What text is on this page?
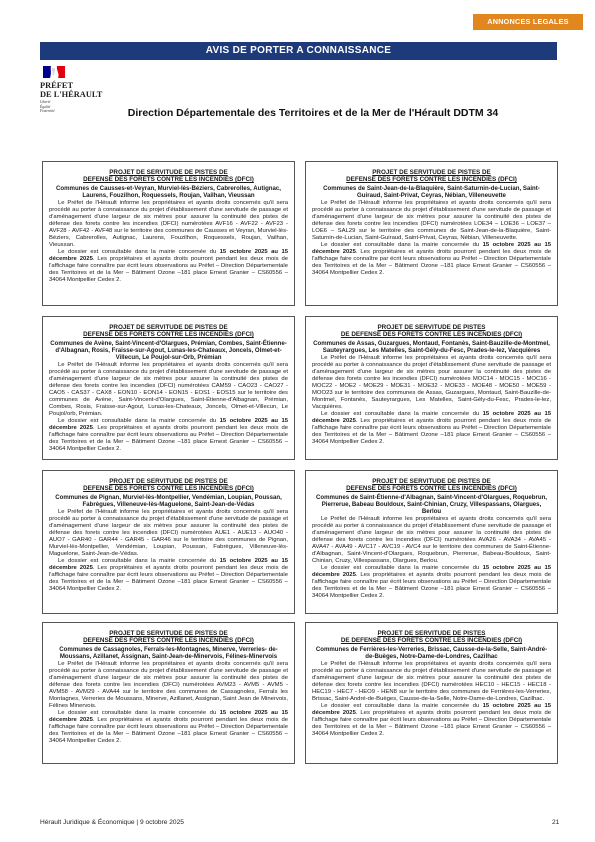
ANNONCES LEGALES
AVIS DE PORTER A CONNAISSANCE
PRÉFET
DE L'HÉRAULT
Liberté
Égalité
Fraternité	Direction Départementale des Territoires et de la Mer de l'Hérault DDTM 34
PROJET DE SERVITUDE DE PISTES DE
DEFENSE DES FORETS CONTRE LES INCENDIES (DFCI)
Communes de Causses-et-Veyran, Murviel-lès-Béziers, Cabrerolles, Autignac, Laurens, Fouzilhon, Roquessels, Roujan, Vailhan, Vieussan

Le Préfet de l'Hérault informe les propriétaires et ayants droits concernés qu'il sera procédé au porter à connaissance du projet d'établissement d'une servitude de passage et d'aménagement d'une largeur de six mètres pour assurer la continuité des pistes de défense des forets contre les incendies (DFCI) numérotées AVF16 - AVF22 - AVF23 - AVF28 - AVF42 - AVF48 sur le territoire des communes de Causses et Veyran, Murviel-lès-Béziers, Cabrerolles, Autignac, Laurens, Fouzilhon, Roquessels, Roujan, Vailhan, Vieussan.

Le dossier est consultable dans la mairie concernée du 15 octobre 2025 au 15 décembre 2025. Les propriétaires et ayants droits pourront pendant les deux mois de l'affichage faire connaître par écrit leurs observations au Préfet – Direction Départementale des Territoires et de la Mer – Bâtiment Ozone –181 place Ernest Granier – CS60556 – 34064 Montpellier Cedex 2.

PROJET DE SERVITUDE DE PISTES DE
DEFENSE DES FORETS CONTRE LES INCENDIES (DFCI)
Communes de Saint-Jean-de-la-Blaquière, Saint-Saturnin-de-Lucian, Saint-Guiraud, Saint-Privat, Ceyras, Nébian, Villeneuvette

Le Préfet de l'Hérault informe les propriétaires et ayants droits concernés qu'il sera procédé au porter à connaissance du projet d'établissement d'une servitude de passage et d'aménagement d'une largeur de six mètres pour assurer la continuité des pistes de défense des forets contre les incendies (DFCI) numérotées LOE34 – LOE36 – LOE37 – LOE6 – SAL29 sur le territoire des communes de Saint-Jean-de-la-Blaquière, Saint-Saturnin-de-Lucian, Saint-Guiraud, Saint-Privat, Ceyras, Nébian, Villeneuvette.

Le dossier est consultable dans la mairie concernée du 15 octobre 2025 au 15 décembre 2025. Les propriétaires et ayants droits pourront pendant les deux mois de l'affichage faire connaître par écrit leurs observations au Préfet – Direction Départementale des Territoires et de la Mer – Bâtiment Ozone –181 place Ernest Granier – CS60556 – 34064 Montpellier Cedex 2.

PROJET DE SERVITUDE DE PISTES DE
DEFENSE DES FORETS CONTRE LES INCENDIES (DFCI)
Communes de Avène, Saint-Vincent-d'Olargues, Prémian, Combes, Saint-Étienne-d'Albagnan, Rosis, Fraisse-sur-Agout, Lunas-les-Chateaux, Joncels, Olmet-et-Villecun, Le Poujol-sur-Orb, Prémian

Le Préfet de l'Hérault informe les propriétaires et ayants droits concernés qu'il sera procédé au porter à connaissance du projet d'établissement d'une servitude de passage et d'aménagement d'une largeur de six mètres pour assurer la continuité des pistes de défense des forets contre les incendies (DFCI) numérotées CAM59 - CAO23 - CAO27 - CAO5 - CAS37 - CAX8 - EON10 - EON14 - EON15 - EOS1 - EOS15 sur le territoire des communes de Avène, Saint-Vincent-d'Olargues, Saint-Étienne-d'Albagnan, Prémian, Combes, Rosis, Fraisse-sur-Agout, Lunas-les-Chateaux, Joncels, Olmet-et-Villecun, Le Poujol/orb, Prémian.

Le dossier est consultable dans la mairie concernée du 15 octobre 2025 au 15 décembre 2025. Les propriétaires et ayants droits pourront pendant les deux mois de l'affichage faire connaître par écrit leurs observations au Préfet – Direction Départementale des Territoires et de la Mer – Bâtiment Ozone –181 place Ernest Granier – CS60556 – 34064 Montpellier Cedex 2.

PROJET DE SERVITUDE DE PISTES
DE DEFENSE DES FORETS CONTRE LES INCENDIES (DFCI)
Communes de Assas, Guzargues, Montaud, Fontanès, Saint-Bauzille-de-Montmel, Sauteyrargues, Les Matelles, Saint-Gély-du-Fesc, Prades-le-lez, Vacquières

Le Préfet de l'Hérault informe les propriétaires et ayants droits concernés qu'il sera procédé au porter à connaissance du projet d'établissement d'une servitude de passage et d'aménagement d'une largeur de six mètres pour assurer la continuité des pistes de défense des forets contre les incendies (DFCI) numérotées MOC14 - MOC15 - MOC16 - MOC22 - MOE2 - MOE29 - MOE31 - MOE32 - MOE33 - MOE48 - MOE50 - MOE59 - MOO23 sur le territoire des communes de Assas, Guzargues, Montaud, Saint-Bauzille-de-Montmel, Fontanès, Sauteyrargues, Les Matelles, Saint-Gély-du-Fesc, Prades-le-lez, Vacquières.

Le dossier est consultable dans la mairie concernée du 15 octobre 2025 au 15 décembre 2025. Les propriétaires et ayants droits pourront pendant les deux mois de l'affichage faire connaître par écrit leurs observations au Préfet – Direction Départementale des Territoires et de la Mer – Bâtiment Ozone –181 place Ernest Granier – CS60556 – 34064 Montpellier Cedex 2.

PROJET DE SERVITUDE DE PISTES DE
DEFENSE DES FORETS CONTRE LES INCENDIES (DFCI)
Communes de Pignan, Murviel-lès-Montpellier, Vendémian, Loupian, Poussan, Fabrègues, Villeneuve-lès-Maguelone, Saint-Jean-de-Védas

Le Préfet de l'Hérault informe les propriétaires et ayants droits concernés qu'il sera procédé au porter à connaissance du projet d'établissement d'une servitude de passage et d'aménagement d'une largeur de six mètres pour assurer la continuité des pistes de défense des forets contre les incendies (DFCI) numérotées AUE1 - AUE13 - AUO40 - AUO7 - GAR40 - GAR44 - GAR45 - GAR46 sur le territoire des communes de Pignan, Murviel-lès-Montpellier, Vendémian, Loupian, Poussan, Fabrègues, Villeneuve-lès-Maguelone, Saint-Jean-de-Védas.

Le dossier est consultable dans la mairie concernée du 15 octobre 2025 au 15 décembre 2025. Les propriétaires et ayants droits pourront pendant les deux mois de l'affichage faire connaître par écrit leurs observations au Préfet – Direction Départementale des Territoires et de la Mer – Bâtiment Ozone –181 place Ernest Granier – CS60556 – 34064 Montpellier Cedex 2.

PROJET DE SERVITUDE DE PISTES DE
DEFENSE DES FORETS CONTRE LES INCENDIES (DFCI)
Communes de Saint-Étienne-d'Albagnan, Saint-Vincent-d'Olargues, Roquebrun, Pierrerue, Babeau Bouldoux, Saint-Chinian, Cruzy, Villespassans, Olargues, Berlou

Le Préfet de l'Hérault informe les propriétaires et ayants droits concernés qu'il sera procédé au porter à connaissance du projet d'établissement d'une servitude de passage et d'aménagement d'une largeur de six mètres pour assurer la continuité des pistes de défense des forets contre les incendies (DFCI) numérotées AVA26 - AVA34 - AVA45 - AVA47 - AVA49 - AVC17 - AVC19 - AVC4 sur le territoire des communes de Saint-Étienne-d'Albagnan, Saint-Vincent-d'Olargues, Roquebrun, Pierrerue, Babeau-Bouldoux, Saint-Chinian, Cruzy, Villespassans, Olargues, Berlou.

Le dossier est consultable dans la mairie concernée du 15 octobre 2025 au 15 décembre 2025. Les propriétaires et ayants droits pourront pendant les deux mois de l'affichage faire connaître par écrit leurs observations au Préfet – Direction Départementale des Territoires et de la Mer – Bâtiment Ozone –181 place Ernest Granier – CS60556 – 34064 Montpellier Cedex 2.

PROJET DE SERVITUDE DE PISTES DE
DEFENSE DES FORETS CONTRE LES INCENDIES (DFCI)
Communes de Cassagnoles, Ferrals-les-Montagnes, Minerve, Verreries- de-Moussans, Azillanet, Assignan, Saint-Jean-de-Minervois, Félines-Minervois

Le Préfet de l'Hérault informe les propriétaires et ayants droits concernés qu'il sera procédé au porter à connaissance du projet d'établissement d'une servitude de passage et d'aménagement d'une largeur de six mètres pour assurer la continuité des pistes de défense des forets contre les incendies (DFCI) numérotées AVM23 - AVM5 - AVM5 - AVM58 - AVM29 - AVA44 sur le territoire des communes de Cassagnoles, Ferrals les Montagnes, Verreries de Moussans, Minerve, Azillanet, Assignan, Saint Jean de Minervois, Félines Minervois.

Le dossier est consultable dans la mairie concernée du 15 octobre 2025 au 15 décembre 2025. Les propriétaires et ayants droits pourront pendant les deux mois de l'affichage faire connaître par écrit leurs observations au Préfet – Direction Départementale des Territoires et de la Mer – Bâtiment Ozone –181 place Ernest Granier – CS60556 – 34064 Montpellier Cedex 2.

PROJET DE SERVITUDE DE PISTES
DE DEFENSE DES FORETS CONTRE LES INCENDIES (DFCI)
Communes de Ferrières-les-Verreries, Brissac, Causse-de-la-Selle, Saint-André-de-Buèges, Notre-Dame-de-Londres, Cazilhac

Le Préfet de l'Hérault informe les propriétaires et ayants droits concernés qu'il sera procédé au porter à connaissance du projet d'établissement d'une servitude de passage et d'aménagement d'une largeur de six mètres pour assurer la continuité des pistes de défense des forets contre les incendies (DFCI) numérotées HEC10 - HEC15 - HEC18 - HEC19 - HEC7 - HEO9 - HEN8 sur le territoire des communes de Ferrières-les-Verreries, Brissac, Saint-André-de-Buèges, Causse-de-la-Selle, Notre-Dame-de-Londres, Cazilhac.

Le dossier est consultable dans la mairie concernée du 15 octobre 2025 au 15 décembre 2025. Les propriétaires et ayants droits pourront pendant les deux mois de l'affichage faire connaître par écrit leurs observations au Préfet – Direction Départementale des Territoires et de la Mer – Bâtiment Ozone –181 place Ernest Granier – CS60556 – 34064 Montpellier Cedex 2.

Hérault Juridique & Économique | 9 octobre 2025	21
